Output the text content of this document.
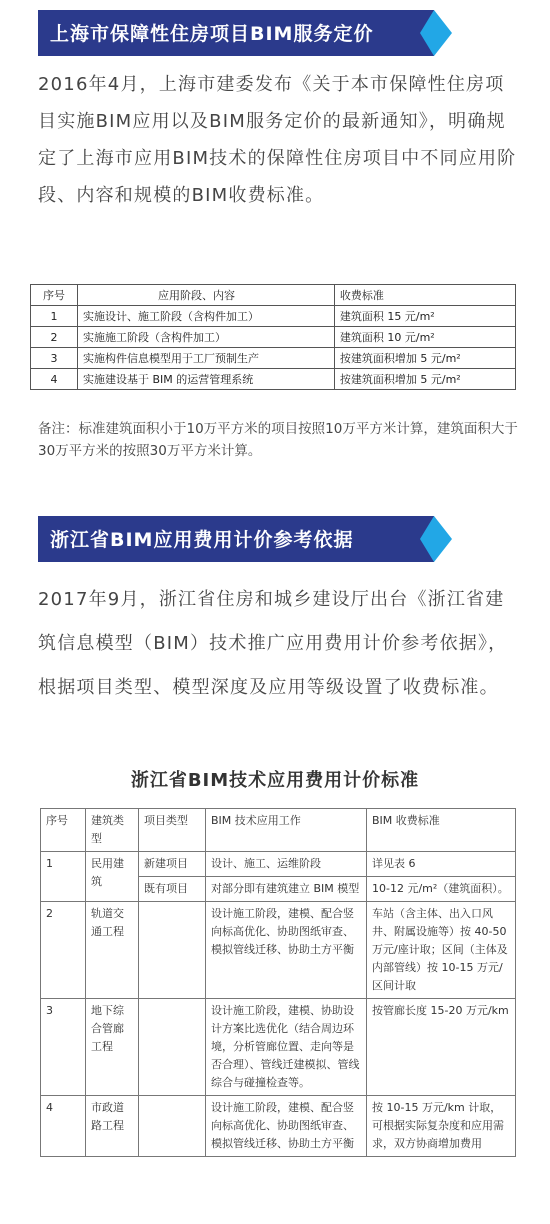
上海市保障性住房项目BIM服务定价
2016年4月，上海市建委发布《关于本市保障性住房项目实施BIM应用以及BIM服务定价的最新通知》，明确规定了上海市应用BIM技术的保障性住房项目中不同应用阶段、内容和规模的BIM收费标准。
序号	应用阶段、内容	收费标准
1	实施设计、施工阶段（含构件加工）	建筑面积 15 元/m²
2	实施施工阶段（含构件加工）	建筑面积 10 元/m²
3	实施构件信息模型用于工厂预制生产	按建筑面积增加 5 元/m²
4	实施建设基于 BIM 的运营管理系统	按建筑面积增加 5 元/m²
备注：标准建筑面积小于10万平方米的项目按照10万平方米计算，建筑面积大于30万平方米的按照30万平方米计算。
浙江省BIM应用费用计价参考依据
2017年9月，浙江省住房和城乡建设厅出台《浙江省建筑信息模型（BIM）技术推广应用费用计价参考依据》，根据项目类型、模型深度及应用等级设置了收费标准。
浙江省BIM技术应用费用计价标准
序号	建筑类型	项目类型	BIM 技术应用工作	BIM 收费标准
1	民用建筑	新建项目	设计、施工、运维阶段	详见表 6
		既有项目	对部分即有建筑建立 BIM 模型	10-12 元/m²（建筑面积）。
2	轨道交通工程		设计施工阶段，建模、配合竖向标高优化、协助图纸审查、模拟管线迁移、协助土方平衡	车站（含主体、出入口风井、附属设施等）按 40-50 万元/座计取；区间（主体及内部管线）按 10-15 万元/区间计取
3	地下综合管廊工程		设计施工阶段，建模、协助设计方案比选优化（结合周边环境，分析管廊位置、走向等是否合理）、管线迁建模拟、管线综合与碰撞检查等。	按管廊长度 15-20 万元/km
4	市政道路工程		设计施工阶段，建模、配合竖向标高优化、协助图纸审查、模拟管线迁移、协助土方平衡	按 10-15 万元/km 计取，可根据实际复杂度和应用需求，双方协商增加费用
